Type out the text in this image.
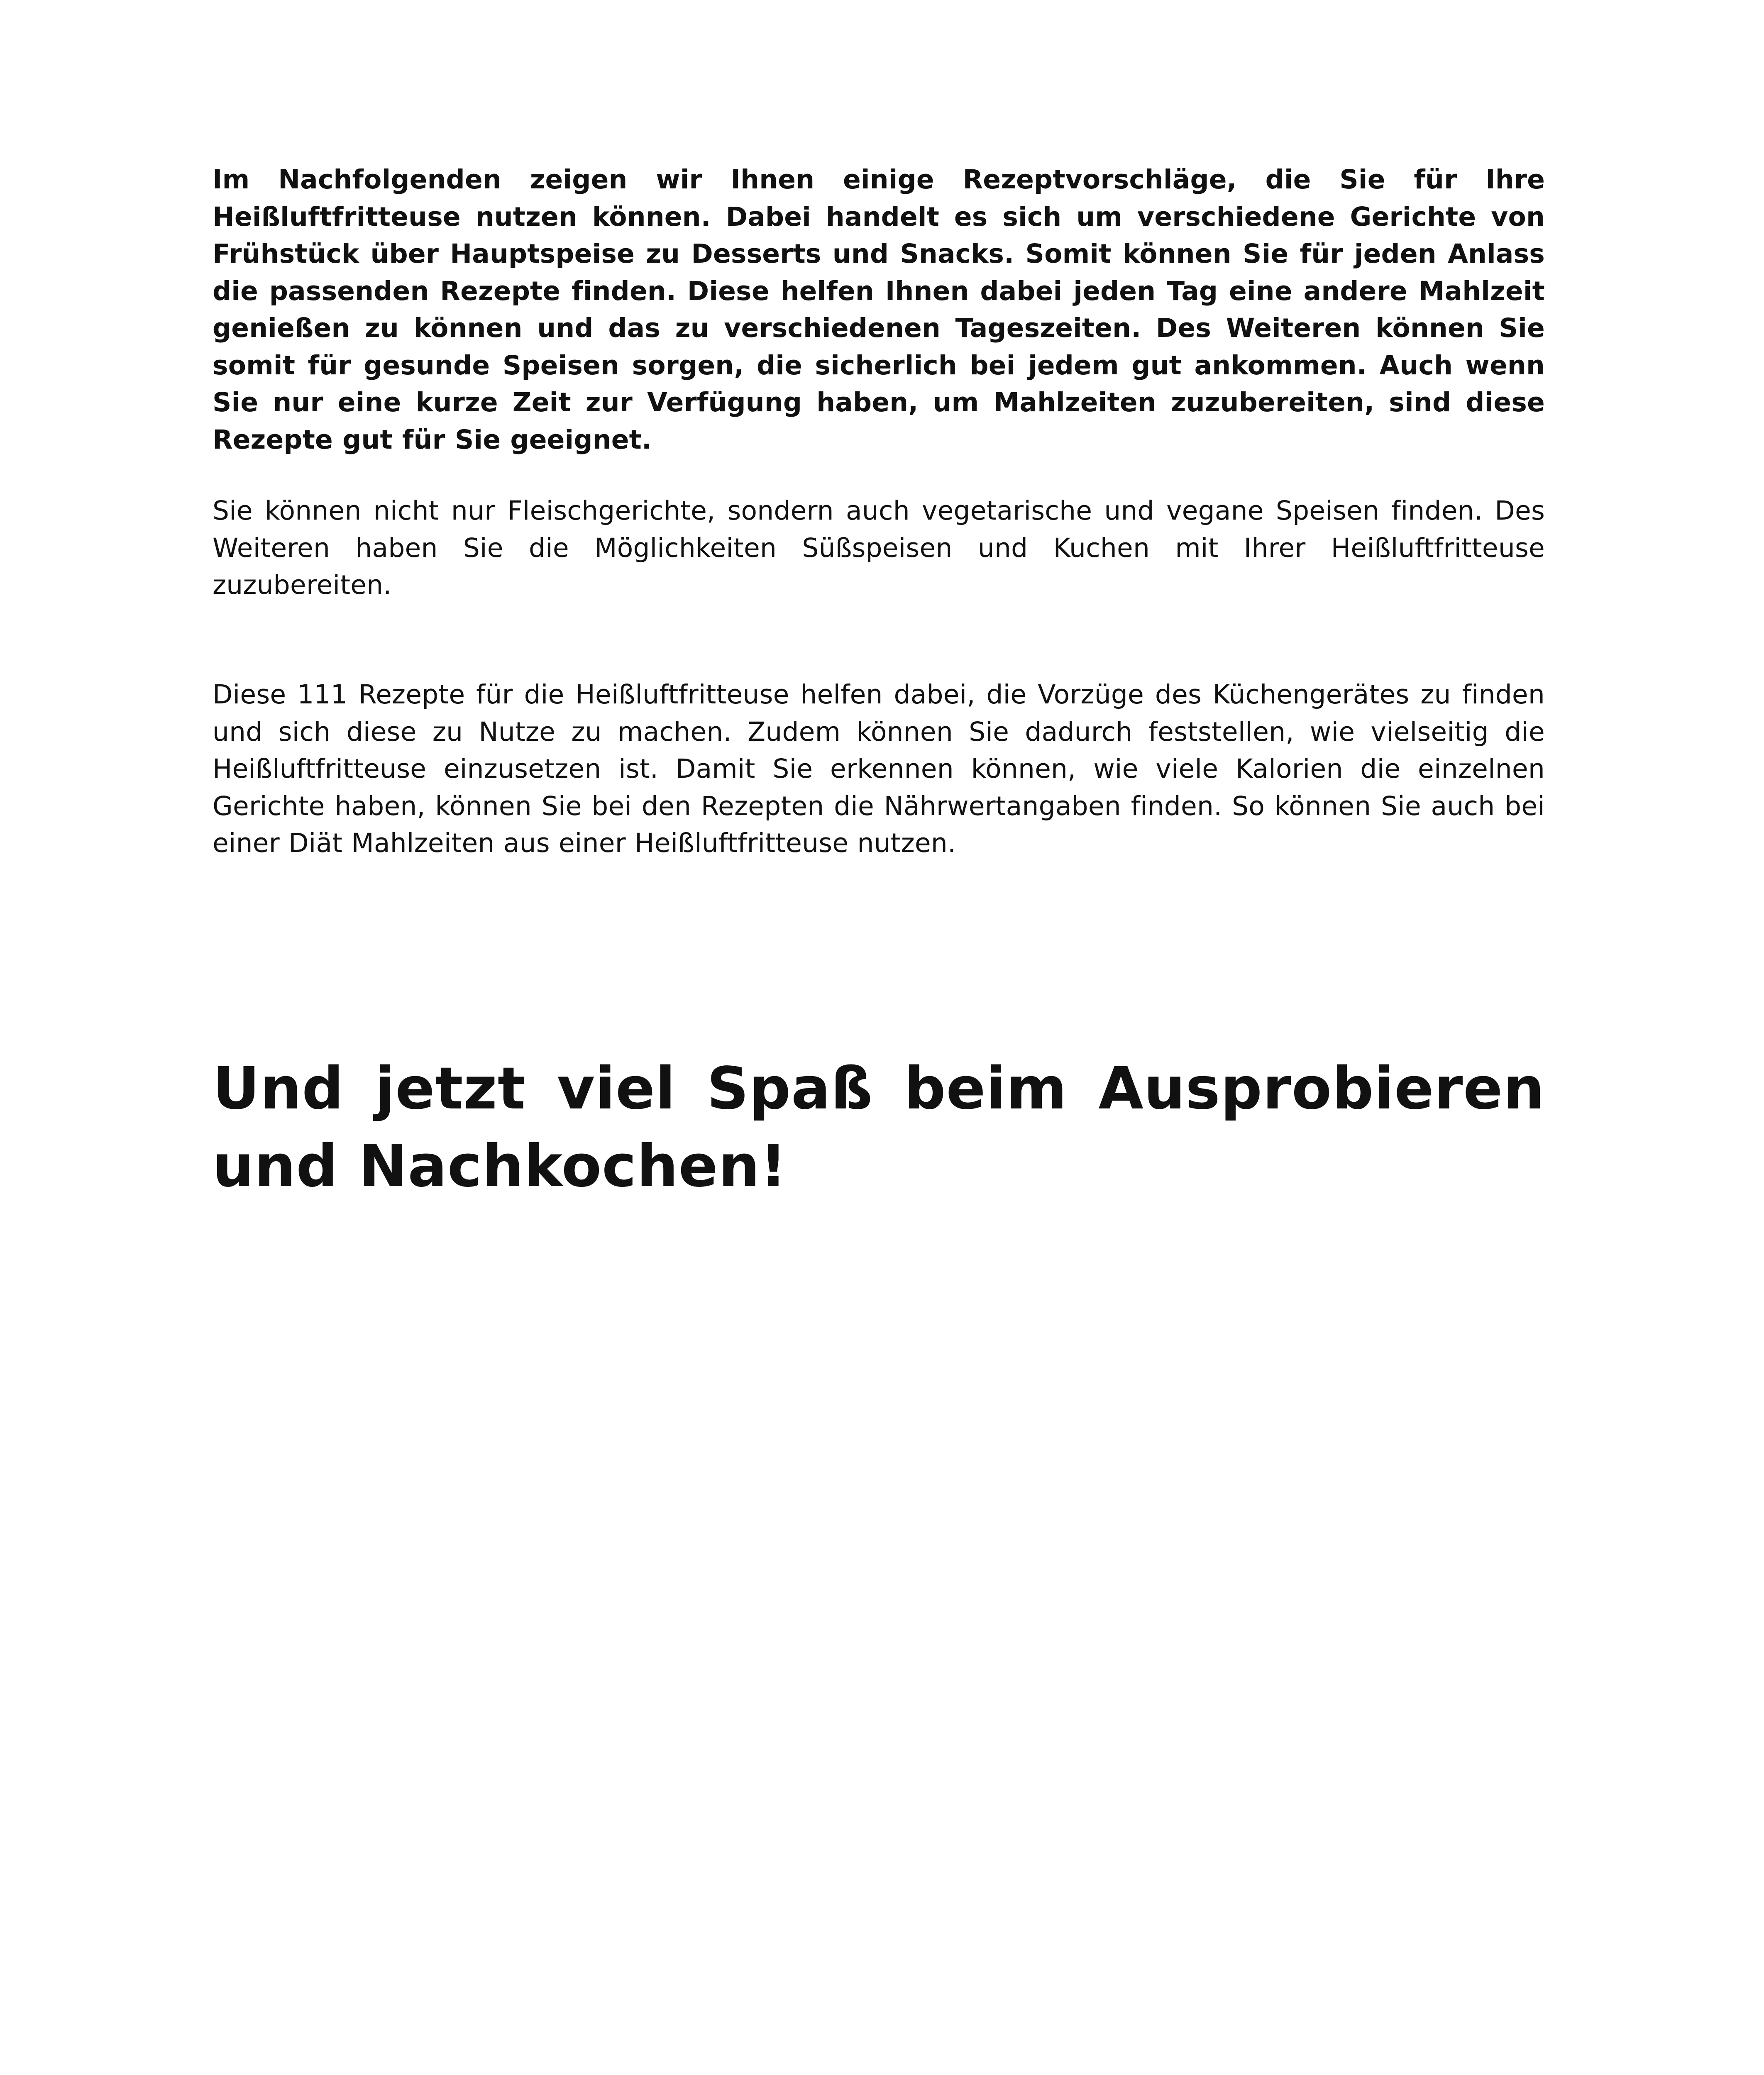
Im Nachfolgenden zeigen wir Ihnen einige Rezeptvorschläge, die Sie für Ihre Heißluftfritteuse nutzen können. Dabei handelt es sich um verschiedene Gerichte von Frühstück über Hauptspeise zu Desserts und Snacks. Somit können Sie für jeden Anlass die passenden Rezepte finden. Diese helfen Ihnen dabei jeden Tag eine andere Mahlzeit genießen zu können und das zu verschiedenen Tageszeiten. Des Weiteren können Sie somit für gesunde Speisen sorgen, die sicherlich bei jedem gut ankommen. Auch wenn Sie nur eine kurze Zeit zur Verfügung haben, um Mahlzeiten zuzubereiten, sind diese Rezepte gut für Sie geeignet.

Sie können nicht nur Fleischgerichte, sondern auch vegetarische und vegane Speisen finden. Des Weiteren haben Sie die Möglichkeiten Süßspeisen und Kuchen mit Ihrer Heißluftfritteuse zuzubereiten.

Diese 111 Rezepte für die Heißluftfritteuse helfen dabei, die Vorzüge des Küchengerätes zu finden und sich diese zu Nutze zu machen. Zudem können Sie dadurch feststellen, wie vielseitig die Heißluftfritteuse einzusetzen ist. Damit Sie erkennen können, wie viele Kalorien die einzelnen Gerichte haben, können Sie bei den Rezepten die Nährwertangaben finden. So können Sie auch bei einer Diät Mahlzeiten aus einer Heißluftfritteuse nutzen.

Und jetzt viel Spaß beim Ausprobieren und Nachkochen!
